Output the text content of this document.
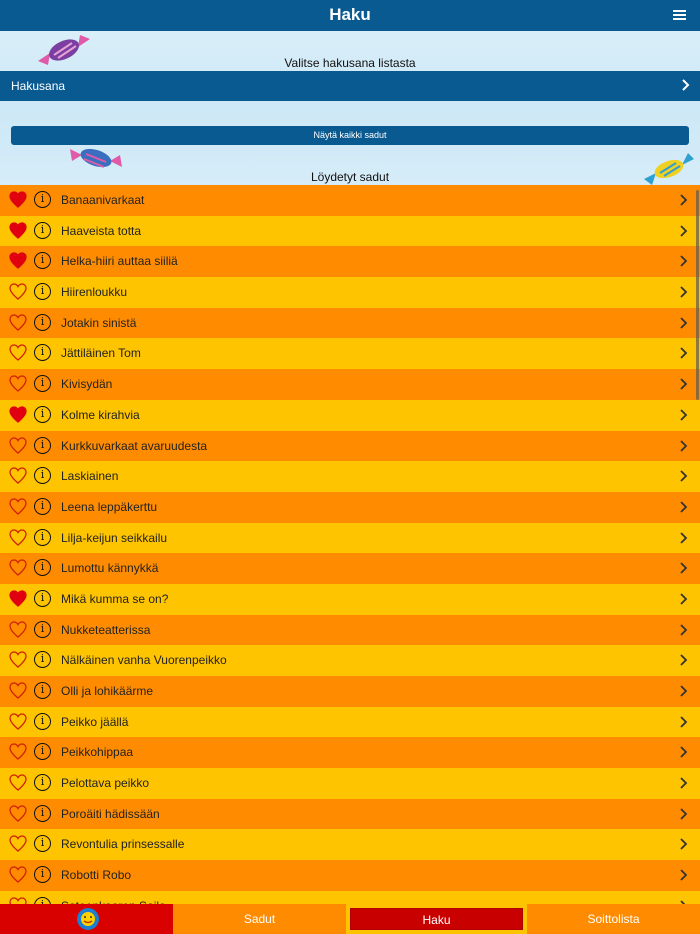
Haku
Valitse hakusana listasta
Hakusana
Näytä kaikki sadut
Löydetyt sadut
i	Banaanivarkaat
i	Haaveista totta
i	Helka-hiiri auttaa siiliä
i	Hiirenloukku
i	Jotakin sinistä
i	Jättiläinen Tom
i	Kivisydän
i	Kolme kirahvia
i	Kurkkuvarkaat avaruudesta
i	Laskiainen
i	Leena leppäkerttu
i	Lilja-keijun seikkailu
i	Lumottu kännykkä
i	Mikä kumma se on?
i	Nukketeatterissa
i	Nälkäinen vanha Vuorenpeikko
i	Olli ja lohikäärme
i	Peikko jäällä
i	Peikkohippaa
i	Pelottava peikko
i	Poroäiti hädissään
i	Revontulia prinsessalle
i	Robotti Robo
Sadut	Haku	Soittolista
